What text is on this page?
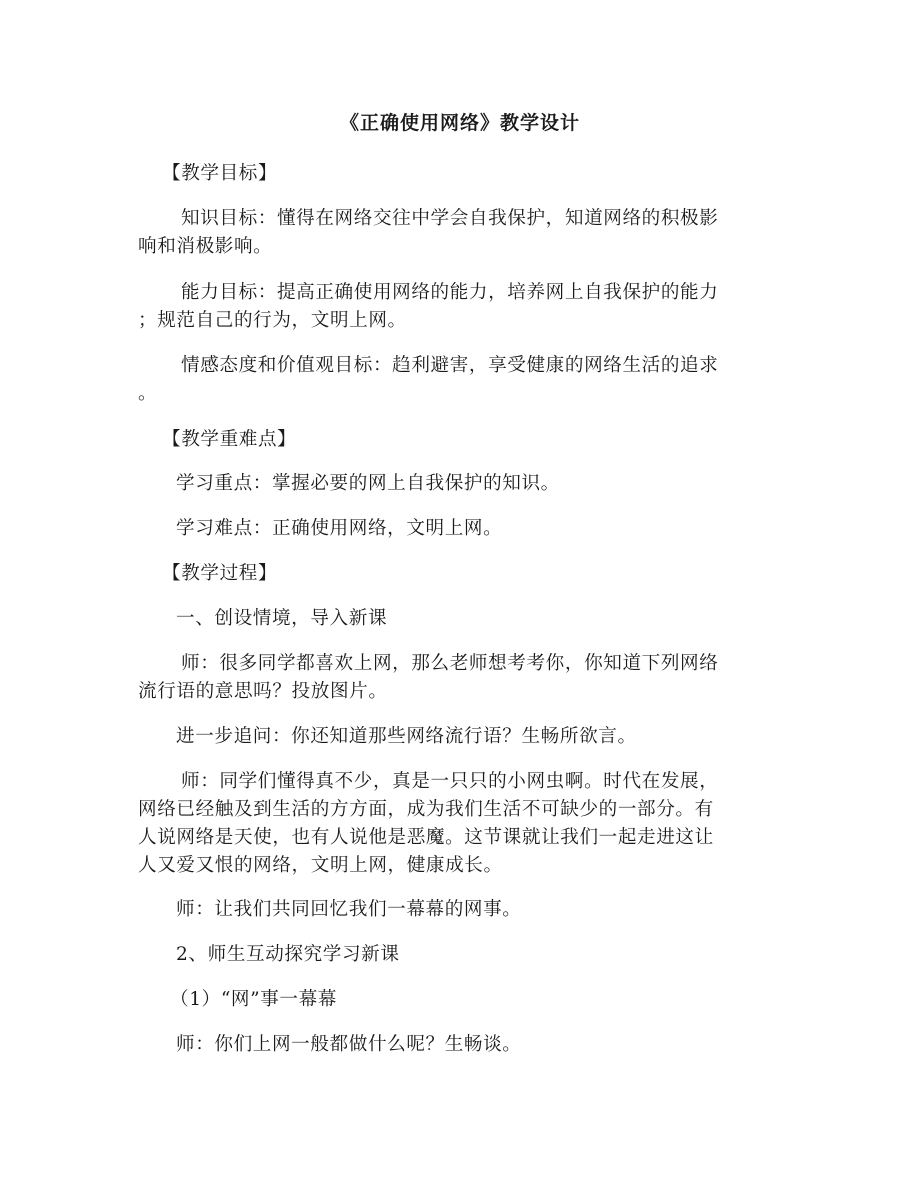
《正确使用网络》教学设计

【教学目标】

知识目标：懂得在网络交往中学会自我保护，知道网络的积极影
响和消极影响。

能力目标：提高正确使用网络的能力，培养网上自我保护的能力
；规范自己的行为，文明上网。

情感态度和价值观目标：趋利避害，享受健康的网络生活的追求
。

【教学重难点】

学习重点：掌握必要的网上自我保护的知识。

学习难点：正确使用网络，文明上网。

【教学过程】

一、创设情境，导入新课

师：很多同学都喜欢上网，那么老师想考考你，你知道下列网络
流行语的意思吗？投放图片。

进一步追问：你还知道那些网络流行语？生畅所欲言。

师：同学们懂得真不少，真是一只只的小网虫啊。时代在发展，
网络已经触及到生活的方方面，成为我们生活不可缺少的一部分。有
人说网络是天使，也有人说他是恶魔。这节课就让我们一起走进这让
人又爱又恨的网络，文明上网，健康成长。

师：让我们共同回忆我们一幕幕的网事。

2、师生互动探究学习新课

（1）“网”事一幕幕

师：你们上网一般都做什么呢？生畅谈。
